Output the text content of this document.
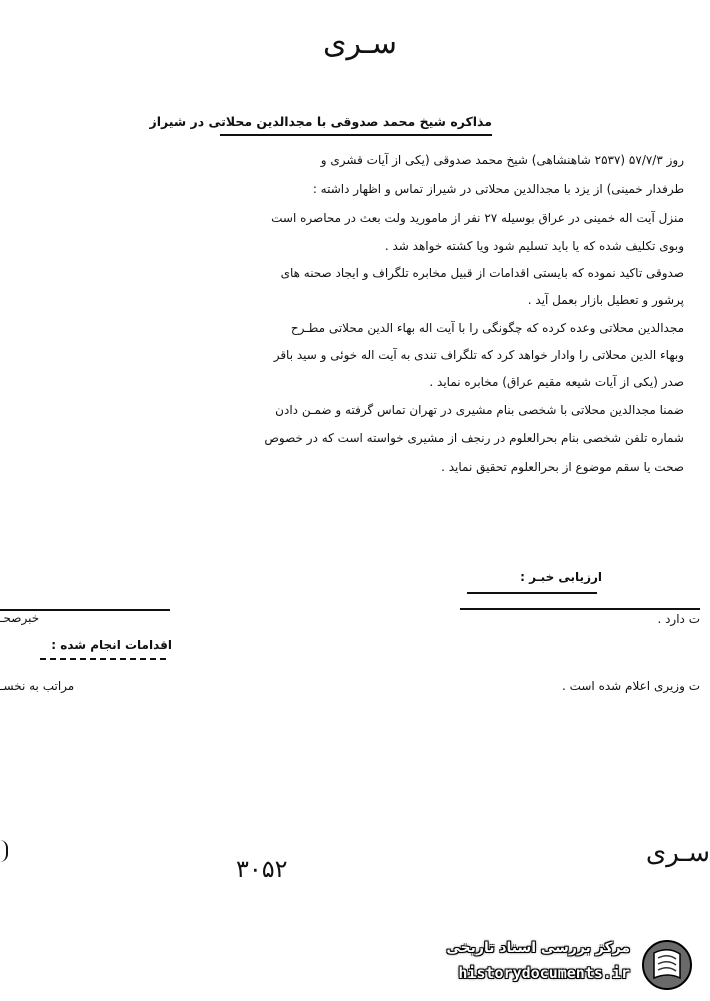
سـرى
مذاكره شيخ محمد صدوقى با مجدالدين محلاتى در شيراز
روز ۵۷/۷/۳ (۲۵۳۷ شاهنشاهى) شيخ محمد صدوقى (يكى از آيات قشرى و
طرفدار خمينى) از يزد با مجدالدين محلاتى در شيراز تماس و اظهار داشته :
منزل آيت اله خمينى در عراق بوسيله ۲۷ نفر از ماموريد ولت بعث در محاصره است
وبوى تكليف شده كه يا بايد تسليم شود ويا كشته خواهد شد .
صدوقى تاكيد نموده كه بايستى اقدامات از قبيل مخابره تلگراف و ايجاد صحنه هاى
پرشور و تعطيل بازار بعمل آيد .
مجدالدين محلاتى وعده كرده كه چگونگى را با آيت اله بهاء الدين محلاتى مطـرح
وبهاء الدين محلاتى را وادار خواهد كرد كه تلگراف تندى به آيت اله خوئى و سيد باقر
صدر (يكى از آيات شيعه مقيم عراق) مخابره نمايد .
ضمنا مجدالدين محلاتى با شخصى بنام مشيرى در تهران تماس گرفته و ضمـن دادن
شماره تلفن شخصى بنام بحرالعلوم در رنجف از مشيرى خواسته است كه در خصوص
صحت يا سقم موضوع از بحرالعلوم تحقيق نمايد .
ارزيابى خبـر :
خبرصحـ	ت دارد .
اقدامات انجام شده :
مراتب به نخسـ	ت وزيرى اعلام شده است .
سـرى
۳۰۵۲
مرکز بررسی اسناد تاریخی
historydocuments.ir
